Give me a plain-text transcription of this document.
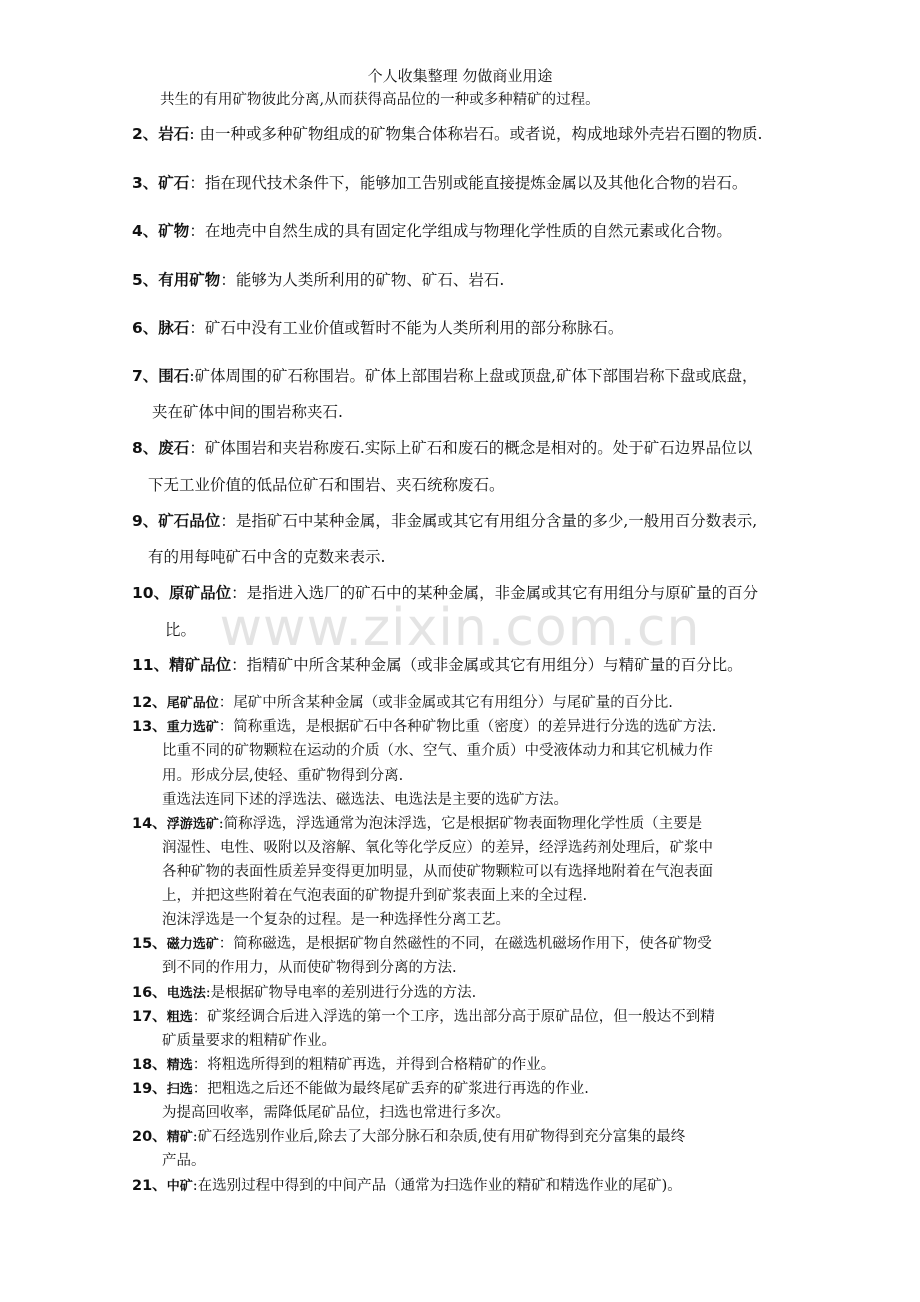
个人收集整理 勿做商业用途
www.zixin.com.cn
共生的有用矿物彼此分离,从而获得高品位的一种或多种精矿的过程。
2、岩石: 由一种或多种矿物组成的矿物集合体称岩石。或者说，构成地球外壳岩石圈的物质.
3、矿石：指在现代技术条件下，能够加工告别或能直接提炼金属以及其他化合物的岩石。
4、矿物：在地壳中自然生成的具有固定化学组成与物理化学性质的自然元素或化合物。
5、有用矿物：能够为人类所利用的矿物、矿石、岩石.
6、脉石：矿石中没有工业价值或暂时不能为人类所利用的部分称脉石。
7、围石:矿体周围的矿石称围岩。矿体上部围岩称上盘或顶盘,矿体下部围岩称下盘或底盘，
夹在矿体中间的围岩称夹石.
8、废石：矿体围岩和夹岩称废石.实际上矿石和废石的概念是相对的。处于矿石边界品位以
下无工业价值的低品位矿石和围岩、夹石统称废石。
9、矿石品位：是指矿石中某种金属，非金属或其它有用组分含量的多少,一般用百分数表示,
有的用每吨矿石中含的克数来表示.
10、原矿品位：是指进入选厂的矿石中的某种金属，非金属或其它有用组分与原矿量的百分
比。
11、精矿品位：指精矿中所含某种金属（或非金属或其它有用组分）与精矿量的百分比。
12、尾矿品位：尾矿中所含某种金属（或非金属或其它有用组分）与尾矿量的百分比.
13、重力选矿：简称重选，是根据矿石中各种矿物比重（密度）的差异进行分选的选矿方法.
比重不同的矿物颗粒在运动的介质（水、空气、重介质）中受液体动力和其它机械力作
用。形成分层,使轻、重矿物得到分离.
重选法连同下述的浮选法、磁选法、电选法是主要的选矿方法。
14、浮游选矿:简称浮选，浮选通常为泡沫浮选，它是根据矿物表面物理化学性质（主要是
润湿性、电性、吸附以及溶解、氧化等化学反应）的差异，经浮选药剂处理后，矿浆中
各种矿物的表面性质差异变得更加明显，从而使矿物颗粒可以有选择地附着在气泡表面
上，并把这些附着在气泡表面的矿物提升到矿浆表面上来的全过程.
泡沫浮选是一个复杂的过程。是一种选择性分离工艺。
15、磁力选矿：简称磁选，是根据矿物自然磁性的不同，在磁选机磁场作用下，使各矿物受
到不同的作用力，从而使矿物得到分离的方法.
16、电选法:是根据矿物导电率的差别进行分选的方法.
17、粗选：矿浆经调合后进入浮选的第一个工序，选出部分高于原矿品位，但一般达不到精
矿质量要求的粗精矿作业。
18、精选：将粗选所得到的粗精矿再选，并得到合格精矿的作业。
19、扫选：把粗选之后还不能做为最终尾矿丢弃的矿浆进行再选的作业.
为提高回收率，需降低尾矿品位，扫选也常进行多次。
20、精矿:矿石经选别作业后,除去了大部分脉石和杂质,使有用矿物得到充分富集的最终
产品。
21、中矿:在选别过程中得到的中间产品（通常为扫选作业的精矿和精选作业的尾矿)。
